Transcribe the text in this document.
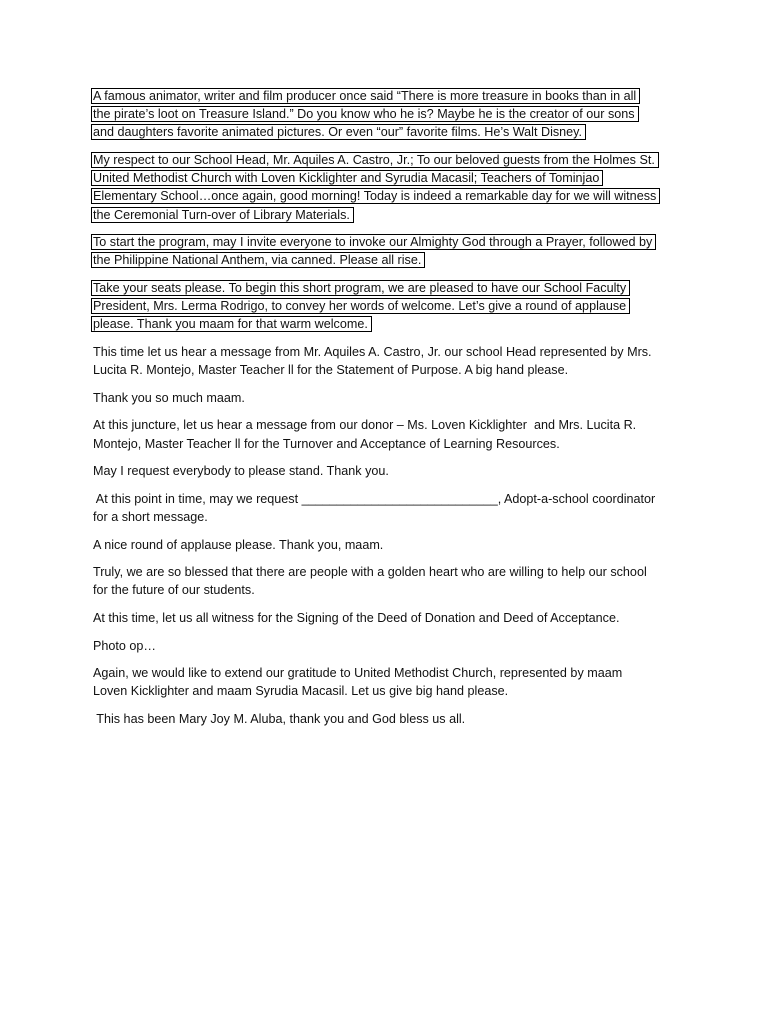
A famous animator, writer and film producer once said “There is more treasure in books than in all
the pirate’s loot on Treasure Island.” Do you know who he is? Maybe he is the creator of our sons
and daughters favorite animated pictures. Or even “our” favorite films. He’s Walt Disney.
My respect to our School Head, Mr. Aquiles A. Castro, Jr.; To our beloved guests from the Holmes St.
United Methodist Church with Loven Kicklighter and Syrudia Macasil; Teachers of Tominjao
Elementary School…once again, good morning! Today is indeed a remarkable day for we will witness
the Ceremonial Turn-over of Library Materials.
To start the program, may I invite everyone to invoke our Almighty God through a Prayer, followed by
the Philippine National Anthem, via canned. Please all rise.
Take your seats please. To begin this short program, we are pleased to have our School Faculty
President, Mrs. Lerma Rodrigo, to convey her words of welcome. Let’s give a round of applause
please. Thank you maam for that warm welcome.
This time let us hear a message from Mr. Aquiles A. Castro, Jr. our school Head represented by Mrs.
Lucita R. Montejo, Master Teacher ll for the Statement of Purpose. A big hand please.
Thank you so much maam.
At this juncture, let us hear a message from our donor – Ms. Loven Kicklighter  and Mrs. Lucita R.
Montejo, Master Teacher ll for the Turnover and Acceptance of Learning Resources.
May I request everybody to please stand. Thank you.
At this point in time, may we request ____________________________, Adopt-a-school coordinator
for a short message.
A nice round of applause please. Thank you, maam.
Truly, we are so blessed that there are people with a golden heart who are willing to help our school
for the future of our students.
At this time, let us all witness for the Signing of the Deed of Donation and Deed of Acceptance.
Photo op…
Again, we would like to extend our gratitude to United Methodist Church, represented by maam
Loven Kicklighter and maam Syrudia Macasil. Let us give big hand please.
This has been Mary Joy M. Aluba, thank you and God bless us all.
